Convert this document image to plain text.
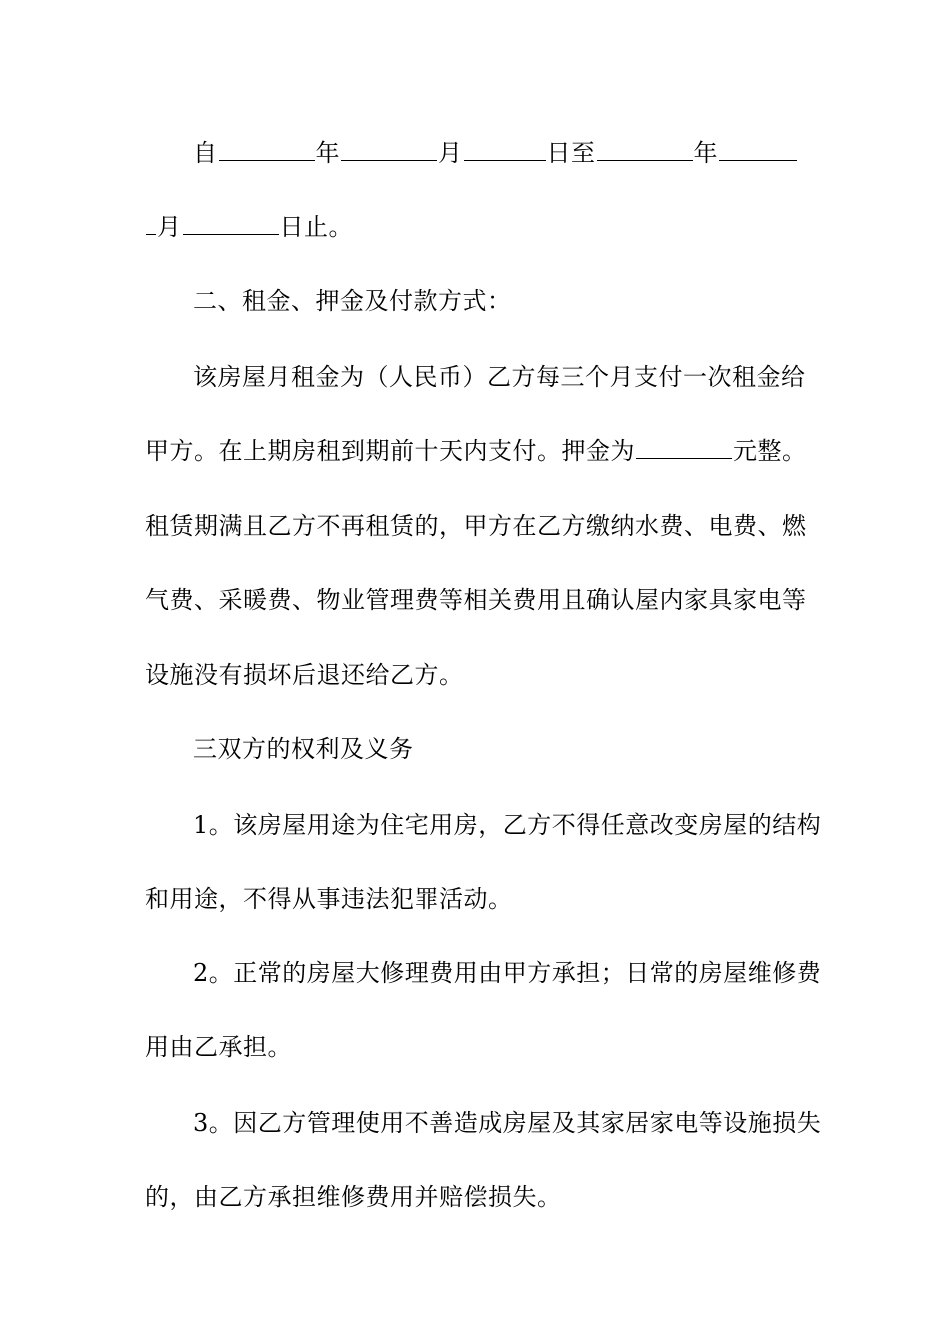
自	年	月	日至	年
月	日止。
二、租金、押金及付款方式：
该房屋月租金为（人民币）乙方每三个月支付一次租金给
甲方。在上期房租到期前十天内支付。押金为	元整。
租赁期满且乙方不再租赁的，甲方在乙方缴纳水费、电费、燃
气费、采暖费、物业管理费等相关费用且确认屋内家具家电等
设施没有损坏后退还给乙方。
三双方的权利及义务
1。该房屋用途为住宅用房，乙方不得任意改变房屋的结构
和用途，不得从事违法犯罪活动。
2。正常的房屋大修理费用由甲方承担；日常的房屋维修费
用由乙承担。
3。因乙方管理使用不善造成房屋及其家居家电等设施损失
的，由乙方承担维修费用并赔偿损失。
